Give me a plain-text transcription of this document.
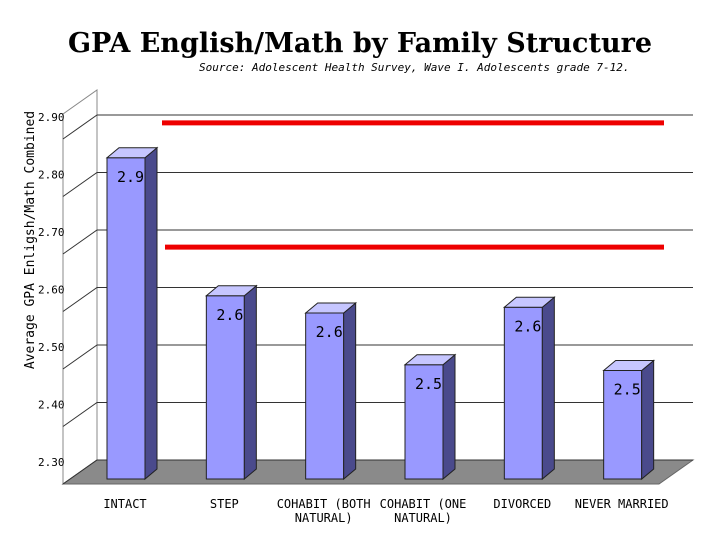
2.90
2.80
2.70
2.60
2.50
2.40
2.30
2.9
2.6
2.6
2.5
2.6
2.5
INTACT	STEP	COHABIT (BOTH NATURAL)
COHABIT (ONE NATURAL)
DIVORCED NEVER MARRIED
GPA English/Math by Family Structure
Source: Adolescent Health Survey, Wave I. Adolescents grade 7-12.
Average GPA Enligsh/Math Combined
